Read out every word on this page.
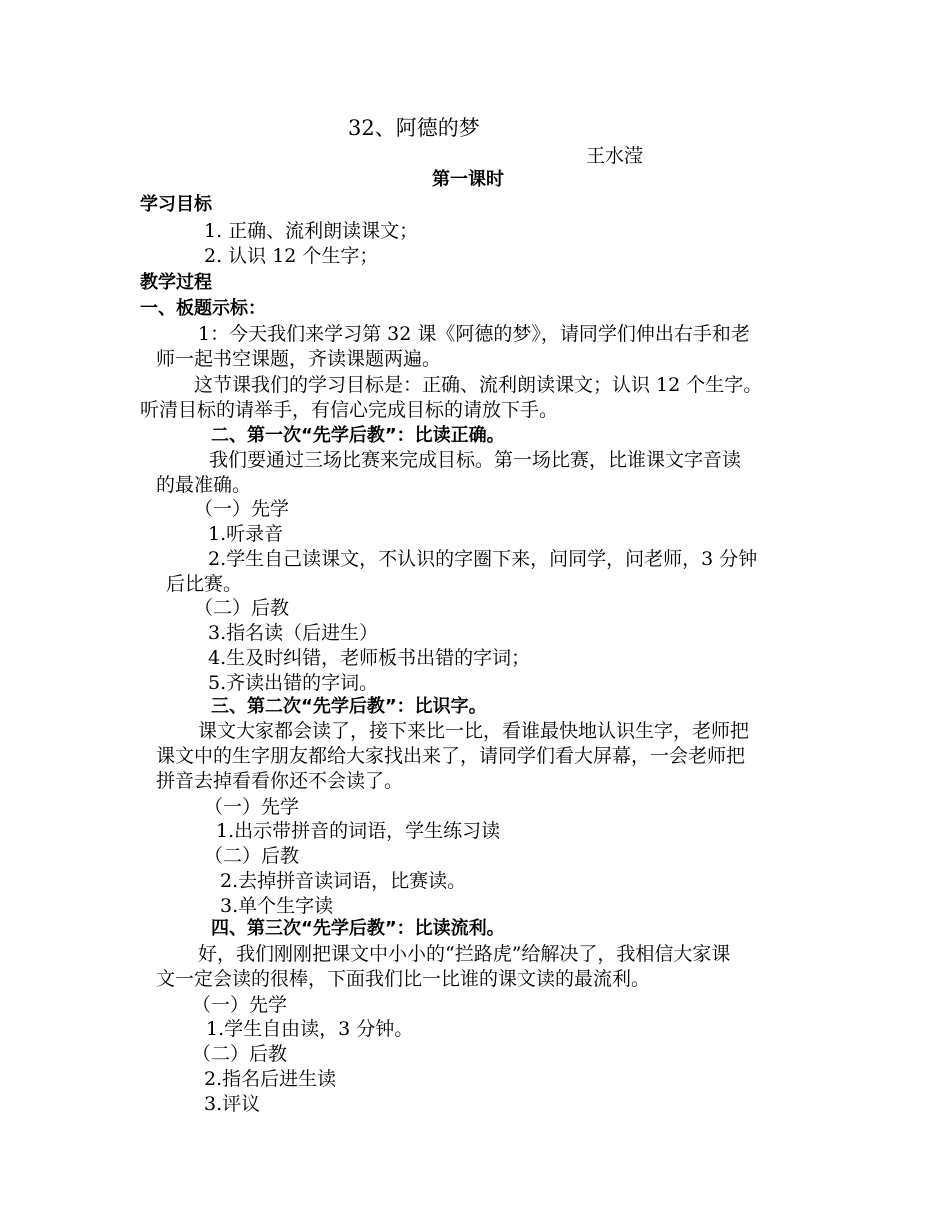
32、阿德的梦
王水滢
第一课时
学习目标
1. 正确、流利朗读课文；
2. 认识 12 个生字；
教学过程
一、板题示标：
1：今天我们来学习第 32 课《阿德的梦》，请同学们伸出右手和老
师一起书空课题，齐读课题两遍。
这节课我们的学习目标是：正确、流利朗读课文；认识 12 个生字。
听清目标的请举手，有信心完成目标的请放下手。
二、第一次“先学后教”：比读正确。
我们要通过三场比赛来完成目标。第一场比赛，比谁课文字音读
的最准确。
（一）先学
1.听录音
2.学生自己读课文，不认识的字圈下来，问同学，问老师，3 分钟
后比赛。
（二）后教
3.指名读（后进生）
4.生及时纠错，老师板书出错的字词；
5.齐读出错的字词。
三、第二次“先学后教”：比识字。
课文大家都会读了，接下来比一比，看谁最快地认识生字，老师把
课文中的生字朋友都给大家找出来了，请同学们看大屏幕，一会老师把
拼音去掉看看你还不会读了。
（一）先学
1.出示带拼音的词语，学生练习读
（二）后教
2.去掉拼音读词语，比赛读。
3.单个生字读
四、第三次“先学后教”：比读流利。
好，我们刚刚把课文中小小的“拦路虎”给解决了，我相信大家课
文一定会读的很棒，下面我们比一比谁的课文读的最流利。
（一）先学
1.学生自由读，3 分钟。
（二）后教
2.指名后进生读
3.评议
